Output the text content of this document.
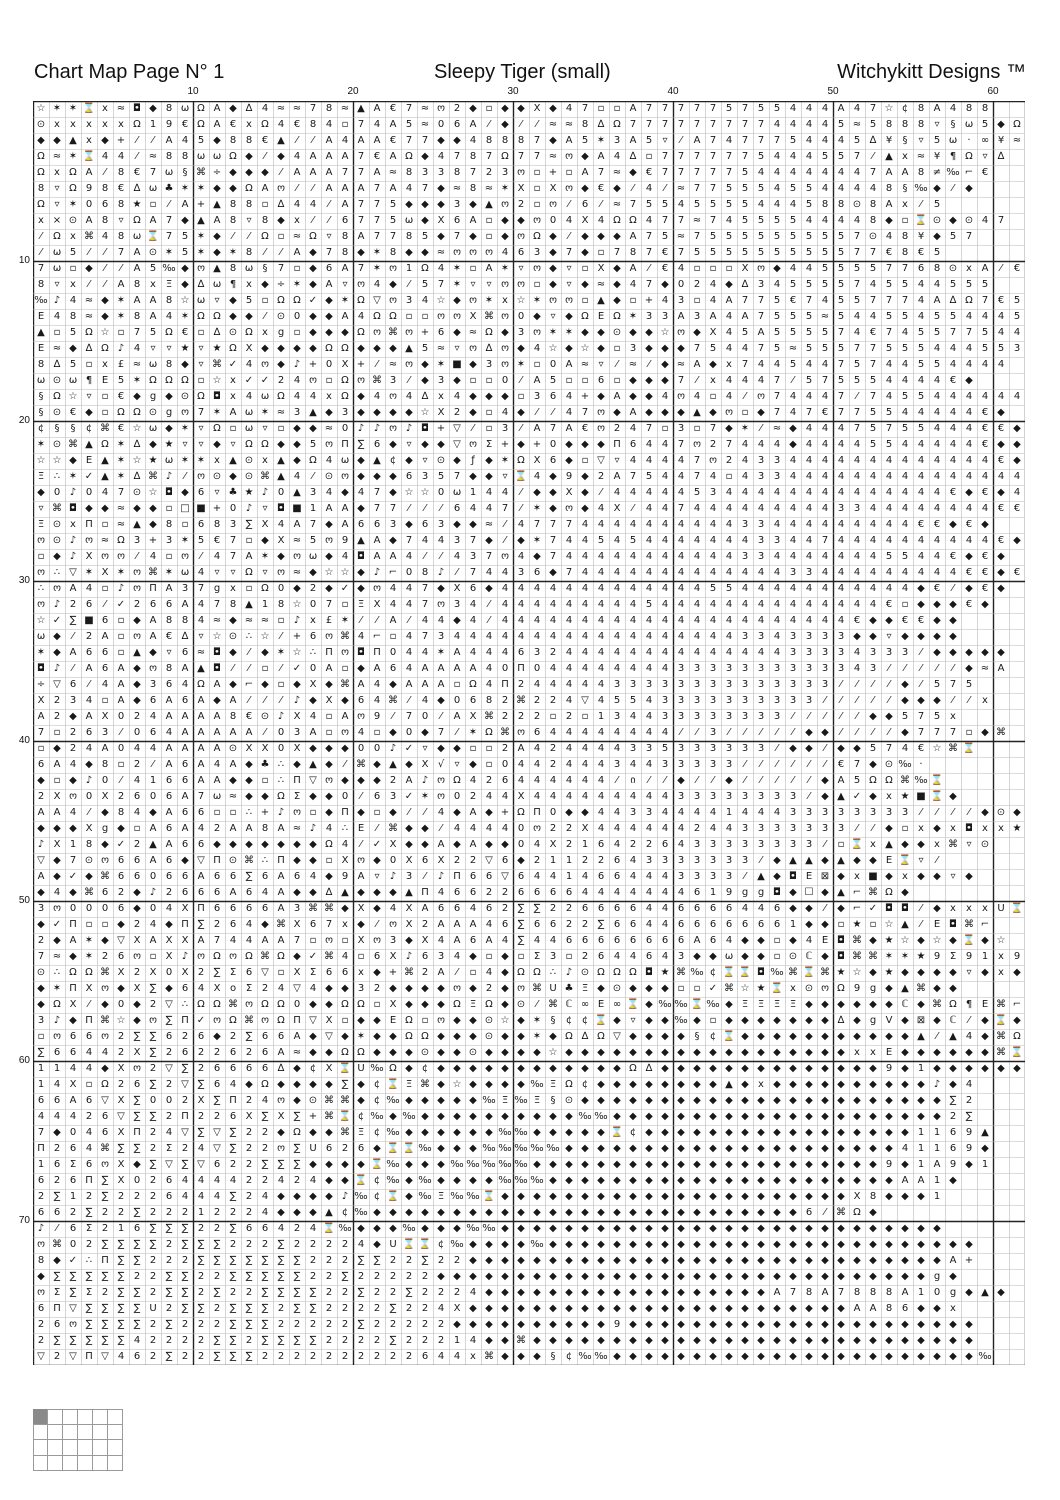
Chart Map Page N° 1	Sleepy Tiger (small)	Witchykitt Designs ™
10	20	30	40	50	60
10
20
30
40
50
60
70
☆ ✶ ✶ ⌛ x ≈ ◘ ◆ 8 ω Ω A ◆ ∆ 4 ≈ ≈ 7 8 ≈ ▲ A € 7 ≈ ო 2 ◆ ▫ ◆ ◆ X ◆ 4 7 ▫ ▫ A 7 7 7 7 7 5 7 5 5 4 4 4 A 4 7 ☆ ¢ 8 A 4 8 8
⊙ x	x	x	x	x Ω 1 9 € Ω A € x Ω 4 € 8 4 ▫ 7 4 A 5 ≈ 0 6 A	⁄	◆	⁄	⁄	≈ ≈ 8 ∆ Ω 7 7 7 7 7 7 7 7 7 4 4 4 4 5 ≈ 5 8 8 8	▿	§ ω 5 ◆ Ω
◆ ◆ ▲ x ◆ +	⁄	⁄	A 4 5 ◆ 8 8 € ▲	⁄	⁄	A 4 A A € 7 7 ◆ ◆ 4 8 8 8 7 ◆ A 5 ✶ 3 A 5	▿	⁄	A 7 4 7 7 7 5 4 4 4 5 ∆ ¥	§	▿	5 ω	·	∞ ¥ ≈
Ω ≈ ✶ ⌛ 4 4	⁄	≈ 8 8 ω ω Ω ◆	⁄	◆ 4 A A A 7 € A Ω ◆ 4 7 8 7 Ω 7 7 ≈ ო ◆ A 4 ∆ ▫ 7 7 7 7 7 7 5 4 4 4 5 5 7	⁄	▲ x ≈ ¥ ¶ Ω ▿	∆
Ω x Ω A	⁄	8 € 7 ω § ⌘ ÷ ◆ ◆ ◆	⁄	A A A 7 7 A ≈ 8 3 3 8 7 2 3 ო ▫ + ▫ A 7 ≈ ◆ € 7 7 7 7 7 5 4 4 4 4 4 4 4 7 A A 8 ≠ ‰ ⌐ €
8	▿ Ω 9 8 € ∆ ω ♣ ✶ ✶ ◆ ◆ Ω A ო	⁄	⁄	A A A 7 A 4 7 ◆ ≈ 8 ≈ ✶ X ▫ X ო ◆ € ◆	⁄	4	⁄	≈ 7 7 5 5 5 4 5 5 4 4 4 4 8	§ ‰ ◆	⁄	◆
Ω ▿ ✶ 0 6 8 ★ ▫	⁄	A + ▲ 8 8 ▫ ∆ 4 4	⁄	A 7 7 5 ◆ ◆ ◆ 3 ◆ ▲ ო 2 ▫ ო	⁄	6	⁄	≈ 7 5 5 4 5 5 5 5 4 4 4 5 8 8 ⊙ 8 A x	⁄	5
x × ⊙ A 8	▿ Ω A 7 ◆ ▲ A 8	▿	8 ◆ x	⁄	⁄	6 7 7 5 ω ◆ X 6 A ▫ ◆ ◆ ო 0 4 X 4 Ω Ω 4 7 7 ≈ 7 4 5 5 5 5 4 4 4 4 8 ◆ ▫ ⌛ ⊙ ◆ ⊙ 4 7
⁄	Ω x ⌘ 4 8 ω ⌛ 7 5 ✶ ◆	⁄	⁄	Ω ▫ ≈ Ω ▿	8 A 7 7 8 5 ◆ 7 ◆ ▫ ◆ ო Ω ◆	⁄	◆ ◆ ◆ A 7 5 ≈ 7 5 5 5 5 5 5 5 5 5 7 ⊙ 4 8 ¥ ◆ 5 7
⁄	ω 5	⁄	⁄	7 A ⊙ ✶ 5 ✶ ◆ ✶ 8	⁄	⁄	A ◆ 7 8 ◆ ✶ 8 ◆ ◆ ≈ ო ო ო 4 6 3 ◆ 7 ◆ ▫ 7 8 7 € 7 5 5 5 5 5 5 5 5 5 5 7 7 € 8 € 5
7 ω ▫ ◆	⁄	⁄	A 5 ‰ ◆ ო ▲ 8 ω §	7 ▫ ◆ 6 A 7 ✶ ო 1 Ω 4 ✶ ▫ A ✶ ▿ ო ◆ ▿	▫ X ◆ A	⁄	€ 4 ▫ ▫ ▫ X ო ◆ 4 4 5 5 5 5 7 7 6 8 ⊙ x A	⁄	€
8	▿	x	⁄	⁄	A 8 x Ξ ◆ ∆ ω ¶ x ◆ ÷ ✶ ◆ A	▿ ო 4 ◆	⁄	5 7 ✶ ▿	▿ ო ო ▫ ◆ ▿ ◆ ≈ ◆ 4 7 ◆ 0 2 4 ◆ ∆ 3 4 5 5 5 5 7 4 5 5 4 4 5 5 5
‰ ♪ 4 ≈ ◆ ✶ A A 8 ☆ ω ▿ ◆ 5 ▫ Ω Ω ✓ ◆ ✶ Ω ▽ ო 3 4 ☆ ◆ ო ✶ x ☆ ✶ ო ო ▫ ▲ ◆ ▫ + 4 3 ▫ 4 A 7 7 5 € 7 4 5 5 7 7 7 4 A ∆ Ω 7 € 5
Ε 4 8 ≈ ◆ ✶ 8 A 4 ✶ Ω Ω ◆ ◆	⁄	⊙ 0 ◆ ◆ A 4 Ω Ω ▫ ▫ ო ო X ⌘ ო 0 ◆ ▿ ◆ Ω Ε Ω ✶ 3 3 A 3 A 4 A 7 5 5 5 ≈ 5 4 4 5 5 4 5 5 4 4 4 5
▲ ▫ 5 Ω ☆ ▫ 7 5 Ω € ▫ ∆ ⊙ Ω x g ▫ ◆ ◆ ◆ Ω ო ⌘ ო + 6 ◆ ≈ Ω ◆ 3 ო ✶ ✶ ◆ ◆ ⊙ ◆ ◆ ☆ ო ◆ X 4 5 A 5 5 5 5 7 4 € 7 4 5 5 7 7 5 4 4
Ε ≈ ◆ ∆ Ω ♪ 4	▿	▿ ★ ▿ ★ Ω X ◆ ◆ ◆ ◆ Ω Ω ◆ ◆ ◆ ▲ 5 ≈ ▿ ო ∆ ო ◆ 4 ☆ ◆ ☆ ◆ ▫ 3 ◆ ◆ ◆ 7 5 4 4 7 5 ≈ 5 5 5 7 7 5 5 5 4 4 4 5 5 3
8 ∆ 5 ▫ x £ ≈ ω 8 ◆ ▿ ⌘ ✓ 4 ო ◆ ♪ + 0 X +	⁄	≈ ო ◆ ✶ ■ ◆ 3 ო ✶ ▫ 0 A ≈ ▿	⁄	≈	⁄	◆ ≈ A ◆ x 7 4 4 5 4 4 7 5 7 4 4 5 5 4 4 4 4
ω ⊙ ω ¶ Ε 5 ✶ Ω Ω Ω ▫ ☆ x ✓ ✓ 2 4 ო ▫ Ω ო ⌘ 3	⁄	◆ 3 ◆ ▫ ▫ 0	⁄	A 5 ▫ ▫ 6 ▫ ◆ ◆ ◆ 7	⁄	x 4 4 4 7	⁄	5 7 5 5 5 4 4 4 4 € ◆
§ Ω ☆ ▿	▫ € ◆ g ◆ ⊙ Ω ◘ x 4 ω Ω 4 4 x Ω ◆ 4 ო 4 ∆ x 4 ◆ ◆ ◆ ▫ 3 6 4 + ◆ A ◆ ◆ 4 ო 4 ▫ 4	⁄	ო 7 4 4 4 7	⁄	7 4 5 5 4 4 4 4 4 4
§ ⊙ € ◆ ▫ Ω Ω ⊙ g ო 7 ✶ A ω ✶ ≈ 3 ▲ ◆ 3 ◆ ◆ ◆ ◆ ☆ X 2 ◆ ▫ 4 ◆	⁄	⁄	4 7 ო ◆ A ◆ ◆ ◆ ▲ ◆ ო ▫ ◆ 7 4 7 € 7 7 5 5 4 4 4 4 4 € ◆
¢	§	§	¢ ⌘ € ☆ ω ◆ ✶ ▿ Ω ▫ ω ▿	▫ ◆ ◆ ≈ 0 ♪ ♪ ო ♪ ◘ + ▽	⁄	▫ 3	⁄	A 7 A € ო 2 4 7 ▫ 3 ▫ 7 ◆ ✶	⁄	≈ ◆ 4 4 4 7 5 7 5 5 4 4 4 € € ◆
✶ ⊙ ⌘ ▲ Ω ✶ ∆ ◆ ★ ▿	▿ ◆ ▿ Ω Ω ◆ ◆ 5 ო Π ∑ 6 ◆ ▿ ◆ ◆ ▽ ო Σ + ◆ + 0 ◆ ◆ ◆ Π 6 4 4 7 ო 2 7 4 4 4 ◆ 4 4 4 4 5 5 4 4 4 4 4 € ◆ ◆
☆ ☆ ◆ Ε ▲ ✶ ☆ ★ ω ✶ ✶ x ▲ ⊙ x ▲ ◆ Ω 4 ω ◆ ▲ ¢ ◆ ▿ ⊙ ◆	ƒ	◆ ✶ Ω X 6 ◆ ▫ ▽ ▿	4 4 4 4 7 ო 2 4 3 3 4 4 4 4 4 4 4 4 4 4 4 4 4 € ◆
Ξ ∴ ✶ ✓ ▲ ✶ ∆ ⌘ ♪	⁄	ო ⊙ ◆ ⊙ ⌘ ▲ 4	⁄	⊙ ო ◆ ◆ ◆ 6 3 5 7 ◆ ◆ ▿ ⌛ 4 ◆ 9 ◆ 2 A 7 5 4 4 7 4 ▫ 4 3 3 4 4 4 4 4 4 4 4 4 4 4 4 4 4 4
◆ 0 ♪ 0 4 7 ⊙ ☆ ◘ ◆ 6	▿ ♣ ★ ♪ 0 ▲ 3 4 ◆ 4 7 ◆ ☆ ☆ 0 ω 1 4 4	⁄	◆ ◆ X ◆	⁄	4 4 4 4 4 5 3 4 4 4 4 4 4 4 4 4 4 4 4 4 4 € ◆ € ◆ 4
▿ ⌘ ◘ ◆ ◆ ≈ ◆ ◆ ▫ □ ■ + 0 ♪	▿ ◘ ■ 1 A A ◆ 7 7	⁄	⁄	⁄	6 4 4 7	⁄	✶ ◆ ო ◆ 4 X	⁄	4 4 7 4 4 4 4 4 4 4 4 4 3 3 4 4 4 4 4 4 4 4 € €
Ξ ⊙ x Π ▫ ≈ ▲ ◆ 8 ▫ 6 8 3 ∑ X 4 A 7 ◆ A 6 6 3 ◆ 6 3 ◆ ◆ ≈	⁄	4 7 7 7 4 4 4 4 4 4 4 4 4 4 3 3 4 4 4 4 4 4 4 4 4 € € ◆ € ◆
ო ⊙ ♪ ო ≈ Ω 3 + 3 ✶ 5 € 7 ▫ ◆ X ≈ 5 ო 9 ▲ A ◆ 7 4 4 3 7 ◆	⁄	◆ ✶ 7 4 4 5 4 5 4 4 4 4 4 4 4 3 3 4 4 7 4 4 4 4 4 4 4 4 4 4 € ◆
▫ ◆ ♪ X ო ო	⁄	4 ▫ ო	⁄	4 7 A ✶ ◆ ო ω ◆ 4 ◘ A A 4	⁄	⁄	4 3 7 ო 4 ◆ 7 4 4 4 4 4 4 4 4 4 4 4 3 3 4 4 4 4 4 4 4 5 5 4 4 € ◆ € ◆
ო ∴ ▽ ✶ X ✶ ო ⌘ ✶ ω 4	▿	▿ Ω ▿ ო ≈ ◆ ☆ ☆ ◆ ♪ ⌐ 0 8 ♪	⁄	7 4 4 3 6 ◆ 7 4 4 4 4 4 4 4 4 4 4 4 4 4 3 3 4 4 4 4 4 4 4 4 4 € € ◆ €
∴ ო A 4 ▫ ♪ ო Π A 3 7 g x ▫ Ω 0 ◆ 2 ◆ ✓ ◆ ო 4 4 7 ◆ X 6 ◆ 4 4 4 4 4 4 4 4 4 4 4 4 4 5 5 4 4 4 4 4 4 4 4 4 4 4 ◆ €	⁄	◆ € ◆
ო ♪ 2 6	⁄	✓ 2 6 6 A 4 7 8 ▲ 1 8 ☆ 0 7 ▫ Ξ X 4 4 7 ო 3 4	⁄	4 4 4 4 4 4 4 4 4 5 4 4 4 4 4 4 4 4 4 4 4 4 4 4 € ▫ ◆ ◆ ◆ € ◆
☆ ✓ ∑ ■ 6 ▫ ◆ A 8 8 4 ≈ ◆ ≈ ≈ ▫ ♪ x £ ✶	⁄	⁄	A	⁄	4 4 ◆ 4	⁄	4 4 4 4 4 4 4 4 4 4 4 4 4 4 4 4 4 4 4 4 4 4 € ◆ ◆ € € ◆ ◆
ω ◆	⁄	2 A ▫ ო A € ∆	▿ ☆ ⊙ ∴ ☆	⁄	+ 6 ო ⌘ 4 ⌐ ▫ 4 7 3 4 4 4 4 4 4 4 4 4 4 4 4 4 4 4 4 4 4 3 3 4 3 3 3 3 ◆ ◆ ▿ ◆ ◆ ◆ ◆
✶ ◆ A 6 6 ▫ ▲ ◆ ▿	6 ≈ ◘ ◆	⁄	◆ ✶ ☆ ∴ Π ო ◘ Π 0 4 4 ✶ A 4 4 4 6 3 2 4 4 4 4 4 4 4 4 4 4 4 4 4 4 3 3 3 3 4 3 3 3	⁄	◆ ◆ ◆ ◆ ◆
◘ ♪	⁄	A 6 A ◆ ო 8 A ▲ ◘	⁄	⁄	▫	⁄	✓ 0 A ▫ ◆ A 6 4 A A A A 4 0 Π 0 4 4 4 4 4 4 4 4 3 3 3 3 3 3 3 3 3 3 3 4 3	⁄	⁄	⁄	⁄	⁄	◆ ≈ A
÷ ▽ 6	⁄	4 A ◆ 3 6 4 Ω A ◆ ⌐ ◆ ▫ ◆ X ◆ ⌘ A 4 ◆ A A A ▫ Ω 4 Π 2 4 4 4 4 4 3 3 3 3 3 3 3 3 3 3 3 3 3 3	⁄	⁄	⁄	⁄	◆	⁄	5 7 5
X 2 3 4 ▫ A ◆ 6 A 6 A ◆ A	⁄	⁄	⁄	♪ ◆ X ◆ 6 4 ⌘	⁄	4 ◆ 0 6 8 2 ⌘ 2 2 4 ▽ 4 5 5 4 3 3 3 3 3 3 3 3 3 3	⁄	⁄	⁄	⁄	⁄	◆ ◆ ◆	⁄	⁄	x
A 2 ◆ A X 0 2 4 A A A A 8 € ⊙ ♪ X 4 ▫ A ო 9	⁄	7 0	⁄	A X ⌘ 2 2 2 ▫ 2 ▫ 1 3 4 4 3 3 3 3 3 3 3 3	⁄	⁄	⁄	⁄	⁄	◆ ◆ 5 7 5 x
7 ▫ 2 6 3	⁄	0 6 4 A A A A A	⁄	0 3 A ▫ ო 4 ▫ ◆ 0 ◆ 7	⁄	✶ Ω ⌘ ო 6 4 4 4 4 4 4 4 4	⁄	⁄	3	⁄	⁄	⁄	⁄	⁄	◆ ◆	⁄	⁄	⁄	⁄	◆ 7 7 7 ▫ ◆ ⌘
▫ ◆ 2 4 A 0 4 4 A A A A ⊙ X X 0 X ◆ ◆ ◆ 0 0 ♪ ✓ ▿ ◆ ◆ ▫ ▫ 2 A 4 2 4 4 4 4 3 3 5 3 3 3 3 3 3	⁄	◆ ◆	⁄	◆ ◆ 5 7 4 € ☆ ⌘ ⌛
6 A 4 ◆ 8 ▫ 2	⁄	A 6 A 4 A ◆ ♣ ∴ ◆ ▲ ◆	⁄	⌘ ◆ ▲ ◆ X √	▿ ◆ ▫ 0 4 4 2 4 4 4 3 4 4 3 3 3 3 3	⁄	⁄	⁄	⁄	⁄	⁄	€ 7 ◆ ⊙ ‰ ·
◆ ▫ ◆ ♪ 0	⁄	4 1 6 6 A A ◆ ◆ ▫ ∴ Π ▽ ო ◆ ◆ ◆ 2 A ♪ ო Ω 4 2 6 4 4 4 4 4 4	⁄	ი	⁄	⁄	◆	⁄	⁄	◆	⁄	⁄	⁄	⁄	⁄	◆ A 5 Ω Ω ⌘ ‰ ⌛
2 X ო 0 X 2 6 0 6 A 7 ω ≈ ◆ ◆ Ω Σ ◆ ◆ 0	⁄	6 3 ✓ ✶ ო 0 2 4 4 X 4 4 4 4 4 4 4 4 4 3 3 3 3 3 3 3 3	⁄	◆ ▲ ✓ ◆ x ★ ■ ⌛ ◆
A A 4	⁄	◆ 8 4 ◆ A 6 6 ▫ ▫ ∴ + ♪ ო ▫ ◆ Π ◆ ▫ ◆	⁄	⁄	4 ◆ A ◆ + Ω Π 0 ◆ ◆ 4 4 3 3 4 4 4 4 1 4 4 4 3 3 3 3 3 3 3 3	⁄	⁄	⁄	⁄	◆ ⊙ ◆
◆ ◆ ◆ X g ◆ ▫ A 6 A 4 2 A A 8 A ≈ ♪ 4 ∴ Ε	⁄	⌘ ◆ ◆	⁄	4 4 4 4 0 ო 2 2 X 4 4 4 4 4 4 2 4 4 3 3 3 3 3 3 3	⁄	⁄	◆ ▫ x ◆ x ◘ x	x ★
♪ X 1 8 ◆ ✓ 2 ▲ A 6 6 ◆ ◆ ◆ ◆ ◆ ◆ ◆ Ω 4	⁄	✓ X ◆ ◆ A ◆ A ◆ ◆ 0 4 X 2 1 6 4 2 2 6 4 3 3 3 3 3 3 3 3	⁄	▫ ⌛ x ▲ ◆ ◆ x ⌘ ▿ ⊙
▽ ◆ 7 ⊙ ო 6 6 A 6 ◆ ▽ Π ⊙ ⌘ ∴ Π ◆ ◆ ▫ X ო ◆ 0 X 6 X 2 2 ▽ 6 ◆ 2 1 1 2 2 6 4 3 3 3 3 3 3 3	⁄	◆ ▲ ▲ ◆ ▲ ◆ ◆ Ε ⌛ ▿	⁄
A ◆ ✓ ◆ ⌘ 6 6 0 6 6 A 6 6 ∑ 6 A 6 4 ◆ 9 A	▿	♪ 3	⁄	♪ Π 6 6 ▽ 6 4 4 1 4 6 6 4 4 4 3 3 3 3	⁄	▲ ◆ ◘ Ε ⊠ ◆ x ■ ◆ x ◆ ◆ ▿ ◆
◆ 4 ◆ ⌘ 6 2 ◆ ♪ 2 6 6 6 A 6 4 A ◆ ◆ ∆ ▲ ◆ ◆ ◆ ▲ Π 4 6 6 2 2 6 6 6 6 4 4 4 4 4 4 4 6 1 9 g g ◘ ◆ ☐ ◆ ▲ ⌐ ⌘ Ω ◆
3 ო 0 0 0 6 ◆ 0 4 X Π 6 6 6 6 A 3 ⌘ ⌘ ◆ X ◆ 4 X A 6 6 4 6 2 ∑ ∑ 2 2 6 6 6 6 4 4 6 6 6 6 4 4 6 ◆ ◆	⁄	◆ ⌐ ✓ ◘ ◘	⁄	◆ x	x	x U ⌛
◆ ✓ Π ▫ ▫ ◆ 2 4 ◆ Π ∑ 2 6 4 ◆ ⌘ X 6 7 x ◆	⁄	ო X 2 A A A 4 6 ∑ 6 6 2 2 ∑ 6 6 4 4 6 6 6 6 6 6 6 1 ◆ ◆ ▫ ★ ▫ ☆ ▲	⁄	Ε ◘ ⌘ ⌐
2 ◆ A ✶ ◆ ▽ X A X X A 7 4 4 A A 7 ▫ ო ▫ X ო 3 ◆ X 4 A 6 A 4 ∑ 4 4 6 6 6 6 6 6 6 6 A 6 4 ◆ ◆ ▫ ◆ 4 Ε ◘ ⌘ ◆ ★ ☆ ◆ ☆ ◆ ⌛ ◆ ☆
7 ≈ ◆ ✶ 2 6 ო ▫ X ♪ ო Ω ო Ω ⌘ Ω ◆ ✓ ⌘ 4 ▫ 6 X ♪ 6 3 4 ◆ ▫ ◆ ▫ Σ 3 ▫ 2 6 4 4 6 4 3 ◆ ◆ ω ◆ ◆ ▫ ⊙ ℂ ◆ ◘ ⌘ ⌘ ✶ ✶ ★ 9 Σ 9 1 x 9
⊙ ∴ Ω Ω ⌘ X 2 X 0 X 2 ∑ Σ 6 ▽ ▫ X Σ 6 6 x ◆ + ⌘ 2 A	⁄	▫ 4 ◆ Ω Ω ∴ ♪ ⊙ Ω Ω Ω ◘ ★ ⌘ ‰ ¢ ⌛ ⌛ ◘ ‰ ⌘ ⌛ ⌘ ★ ☆ ◆ ★ ◆ ◆ ◆ ◆ ▿ ◆ x ◆
◆ ✶ Π X ო ◆ X ∑ ◆ 6 4 X o Σ 2 4 ▽ 4 ◆ ◆ 3 2 ◆ ◆ ◆ ◆ ო ◆ 2 ◆ ო ⌘ U ♣ Ξ ◆ ⊙ ◆ ◆ ◆ ▫ ▫ ✓ ⌘ ☆ ★ ⌛ x ⊙ ო Ω 9 g ◆ ▲ ⌘ ◆ ◆
◆ Ω X	⁄	◆ 0 ◆ 2 ▽ ∴ Ω Ω ⌘ ო Ω Ω 0 ◆ ◆ Ω Ω ▫ X ◆ ◆ ◆ Ω Ξ Ω ◆ ⊙	⁄	⌘ ℂ ∞ Ε ∞ ⌛ ◆ ‰ ‰ ⌛ ‰ ◆ Ξ Ξ Ξ Ξ ◆ ◆ ◆ ◆ ◆ ◆ ℂ ◆ ⌘ Ω ¶ Ε ⌘ ⌐
3 ♪ ◆ Π ⌘ ☆ ◆ ო ∑ Π ✓ ო Ω ⌘ ო Ω Π ▽ X ▫ ◆ ◆ Ε Ω ▫ ო ◆ ◆ ⊙ ☆ ◆ ✶ §	¢ ¢ ⌛ ◆ ▿ ◆ ◆ ‰ ◆ ▫ ◆ ◆ ◆ ◆ ◆ ◆ ◆ ∆ ◆ g Ⅴ ◆ ⊠ ◆ ℂ	⁄	◆ ⌛ ◆
▫ ო 6 6 ო 2 ∑ ∑ 6 2 6 ◆ 2 ∑ 6 6 A ◆ ▽ ◆ ✶ ◆ ◆ Ω Ω ◆ ◆ ◆ ⊙ ◆ ◆ ✶ ◆ Ω ∆ Ω ▽ ◆ ◆ ◆ ◆ §	¢ ⌛ ◆ ◆ ◆ ◆ ◆ ◆ ◆ ◆ ◆ ◆ ◆ ▲	⁄	▲ 4 ◆ ⌘ Ω
∑ 6 6 4 4 2 X ∑ 2 6 2 2 6 2 6 A ≈ ◆ ◆ Ω Ω ◆ ◆ ◆ ⊙ ◆ ◆ ⊙ ◆ ◆ ◆ ◆ ☆ ◆ ◆ ◆ ◆ ◆ ◆ ◆ ◆ ◆ ◆ ◆ ◆ ◆ ◆ ◆ ◆ ◆ ◆ x	x Ε ◆ ◆ ◆ ◆ ◆ ◆ ⌘ ⌛
1 1 4 4 ◆ X ო 2 ▽ ∑ 2 6 6 6 6 ∆ ◆ ¢ X ⌛ U ‰ Ω ◆ ¢ ◆ ◆ ◆ ◆ ◆ ◆ ◆ ◆ ◆ ◆ ◆ ◆ Ω ∆ ◆ ◆ ◆ ◆ ◆ ◆ ◆ ◆ ◆ ◆ ◆ ◆ ◆ ◆ 9 ◆ 1 ◆ ◆ ◆ ◆ ◆ ◆
1 4 X ▫ Ω 2 6 ∑ 2 ▽ ∑ 6 4 ◆ Ω ◆ ◆ ◆ ◆ ∑ ◆ ¢ ⌛ Ξ ⌘ ◆ ☆ ◆ ◆ ◆ ◆ ‰ Ξ Ω ¢ ◆ ◆ ◆ ◆ ◆ ◆ ◆ ◆ ▲ ◆ x ◆ ◆ ◆ ◆ ◆ ◆ ◆ ◆ ◆ ◆ ♪ ◆ 4
6 6 A 6 ▽ X ∑ 0 0 2 X ∑ Π 2 4 ო ◆ ⊙ ⌘ ⌘ ◆ ¢ ‰ ◆ ◆ ◆ ◆ ◆ ‰ Ξ ‰ Ξ	§ ⊙ ◆ ◆ ◆ ◆ ◆ ◆ ◆ ◆ ◆ ◆ ◆ ◆ ◆ ◆ ◆ ◆ ◆ ◆ ◆ ◆ ◆ ◆ ◆ ∑ 2
4 4 4 2 6 ▽ ∑ ∑ 2 Π 2 2 6 X ∑ X ∑ + ⌘ ⌛ ¢ ‰ ◆ ‰ ◆ ◆ ◆ ◆ ◆ ◆ ◆ ◆ ◆ ◆ ‰ ‰ ◆ ◆ ◆ ◆ ◆ ◆ ◆ ◆ ◆ ◆ ◆ ◆ ◆ ◆ ◆ ◆ ◆ ◆ ◆ ◆ ◆ 2 ∑
7 ◆ 0 4 6 X Π 2 4 ▽ ∑ ▽ ∑ 2 2 ◆ Ω ◆ ◆ ⌘ Ξ ¢ ‰ ◆ ◆ ◆ ◆ ◆ ◆ ‰ ‰ ◆ ◆ ◆ ◆ ◆ ⌛ ¢ ◆ ◆ ◆ ◆ ◆ ◆ ◆ ◆ ◆ ◆ ◆ ◆ ◆ ◆ ◆ ◆ ◆ 1 1 6 9 ▲
Π 2 6 4 ⌘ ∑ ∑ 2 Σ 2 4 ▽ ∑ 2 2 ო ∑ U 6 2 6 ◆ ⌛ ⌛ ‰ ◆ ◆ ◆ ‰ ‰ ‰ ‰ ‰ ◆ ◆ ◆ ◆ ◆ ◆ ◆ ◆ ◆ ◆ ◆ ◆ ◆ ◆ ◆ ◆ ◆ ◆ ◆ ◆ ◆ 4 1 1 6 9 ◆
1 6 Σ 6 ო X ◆ ∑ ▽ ∑ ▽ 6 2 2 ∑ ∑ ∑ ◆ ◆ ◆ ◆ ⌛ ‰ ◆ ◆ ◆ ‰ ‰ ‰ ‰ ‰ ◆ ◆ ◆ ◆ ◆ ◆ ◆ ◆ ◆ ◆ ◆ ◆ ◆ ◆ ◆ ◆ ◆ ◆ ◆ ◆ ◆ ◆ 9 ◆ 1 A 9 ◆ 1
6 2 6 Π ∑ X 0 2 6 4 4 4 4 2 2 4 2 4 ◆ ◆ ⌛ ¢ ‰ ◆ ‰ ◆ ◆ ◆ ◆ ‰ ‰ ‰ ◆ ◆ ◆ ◆ ◆ ◆ ◆ ◆ ◆ ◆ ◆ ◆ ◆ ◆ ◆ ◆ ◆ ◆ ◆ ◆ ◆ ◆ A A 1 ◆
2 ∑ 1 2 ∑ 2 2 2 6 4 4 4 ∑ 2 4 ◆ ◆ ◆ ◆ ♪ ‰ ¢ ⌛ ◆ ‰ Ξ ‰ ‰ ⌛ ◆ ◆ ◆ ◆ ◆ ◆ ◆ ◆ ◆ ◆ ◆ ◆ ◆ ◆ ◆ ◆ ◆ ◆ ◆ ◆ ◆ ◆ X 8 ◆ ◆ ◆ 1
6 6 2 ∑ 2 2 ∑ 2 2 2 1 2 2 2 4 ◆ ◆ ◆ ▲ ¢ ‰ ◆ ◆ ◆ ◆ ◆ ◆ ◆ ◆ ◆ ◆ ◆ ◆ ◆ ◆ ◆ ◆ ◆ ◆ ◆ ◆ ◆ ◆ ◆ ◆ ◆ ◆ ◆ 6	⁄	⌘ Ω ◆
♪	⁄	6 Σ 2 1 6 ∑ ∑ ∑ 2 2 ∑ 6 6 4 2 4 ⌛ ‰ ◆ ◆ ◆ ‰ ◆ ◆ ◆ ‰ ‰ ◆ ◆ ◆ ◆ ◆ ◆ ◆ ◆ ◆ ◆ ◆ ◆ ◆ ◆ ◆ ◆ ◆ ◆ ◆ ◆ ◆ ◆ ◆ ◆ ◆ ◆ ◆ ◆
ო ⌘ 0 2 ∑ ∑ ∑ ∑ 2 ∑ ∑ ∑ 2 2 2 ∑ 2 2 2 2 4 ◆ U ⌛ ⌛ ¢ ‰ ◆ ◆ ◆ ◆ ‰ ◆ ◆ ◆ ◆ ◆ ◆ ◆ ◆ ◆ ◆ ◆ ◆ ◆ ◆ ◆ ◆ ◆ ◆ ◆ ◆ ◆ ◆ ◆ ◆ ◆ ◆ ◆
8 ◆ ✓ ∴ Π ∑ ∑ 2 2 2 ∑ ∑ ∑ ∑ ∑ ∑ ∑ 2 2 2 ∑ ∑ 2 2 ∑ 2 2 ◆ ◆ ◆ ◆ ◆ ◆ ◆ ◆ ◆ ◆ ◆ ◆ ◆ ◆ ◆ ◆ ◆ ◆ ◆ ◆ ◆ ◆ ◆ ◆ ◆ ◆ ◆ ◆ ◆ ◆ A +
◆ ∑ ∑ ∑ ∑ ∑ 2 2 ∑ ∑ 2 2 ∑ ∑ ∑ ∑ ∑ 2 2 ∑ 2 2 2 2 2 ◆ ◆ ◆ ◆ ◆ ◆ ◆ ◆ ◆ ◆ ◆ ◆ ◆ ◆ ◆ ◆ ◆ ◆ ◆ ◆ ◆ ◆ ◆ ◆ ◆ ◆ ◆ ◆ ◆ ◆ ◆ g ◆
ო Σ ∑ Σ 2 ∑ ∑ 2 ∑ ∑ 2 ∑ 2 2 ∑ ∑ ∑ ∑ 2 2 ∑ 2 2 ∑ 2 2 2 4 ◆ ◆ ◆ ◆ ◆ ◆ ◆ ◆ ◆ ◆ ◆ ◆ ◆ ◆ ◆ ◆ ◆ ◆ A 7 8 A 7 8 8 8 A 1 0 g ◆ ▲ ◆
6 Π ▽ ∑ ∑ ∑ ∑ U 2 ∑ ∑ 2 ∑ ∑ ∑ 2 ∑ ∑ 2 2 2 2 ∑ 2 2 4 X ◆ ◆ ◆ ◆ ◆ ◆ ◆ ◆ ◆ ◆ ◆ ◆ ◆ ◆ ◆ ◆ ◆ ◆ ◆ ◆ ◆ ◆ ◆ ◆ A A 8 6 ◆ ◆ x
2 6 ო ∑ ∑ ∑ ∑ 2 ∑ 2 2 2 ∑ ∑ ∑ 2 2 2 2 2 ∑ 2 2 2 2 2 ◆ ◆ ◆ ◆ ◆ ◆ ◆ ◆ ◆ ◆ 9 ◆ ◆ ◆ ◆ ◆ ◆ ◆ ◆ ◆ ◆ ◆ ◆ ◆ ◆ ◆ ◆ ◆ ◆ ◆ ◆ ◆ ◆
2 ∑ ∑ ∑ ∑ ∑ 4 2 2 2 2 ∑ ∑ 2 ∑ ∑ ∑ ∑ 2 2 2 2 ∑ 2 2 2 1 4 ◆ ◆ ⌘ ◆ ◆ ◆ ◆ ◆ ◆ ◆ ◆ ◆ ◆ ◆ ◆ ◆ ◆ ◆ ◆ ◆ ◆ ◆ ◆ ◆ ◆ ◆ ◆ ◆ ◆ ◆ ◆
▽ 2 ▽ Π ▽ 4 6 2 ∑ 2 2 ∑ ∑ ∑ 2 2 2 2 2 2 2 2 2 2 6 4 4 x ⌘ ◆ ◆ ◆ §	¢ ‰ ‰ ◆ ◆ ◆ ◆ ◆ ◆ ◆ ◆ ◆ ◆ ◆ ◆ ◆ ◆ ◆ ◆ ◆ ◆ ◆ ◆ ◆ ◆ ◆ ‰
